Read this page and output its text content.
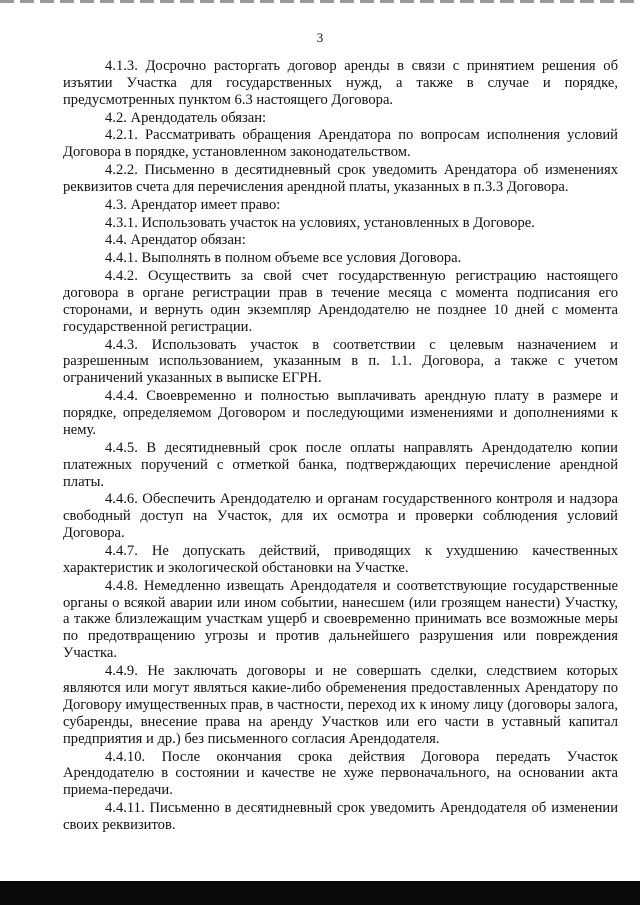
3

4.1.3. Досрочно расторгать договор аренды в связи с принятием решения об изъятии Участка для государственных нужд, а также в случае и порядке, предусмотренных пунктом 6.3 настоящего Договора.

4.2. Арендодатель обязан:

4.2.1. Рассматривать обращения Арендатора по вопросам исполнения условий Договора в порядке, установленном законодательством.

4.2.2. Письменно в десятидневный срок уведомить Арендатора об изменениях реквизитов счета для перечисления арендной платы, указанных в п.3.3 Договора.

4.3. Арендатор имеет право:

4.3.1. Использовать участок на условиях, установленных в Договоре.

4.4. Арендатор обязан:

4.4.1. Выполнять в полном объеме все условия Договора.

4.4.2. Осуществить за свой счет государственную регистрацию настоящего договора в органе регистрации прав в течение месяца с момента подписания его сторонами, и вернуть один экземпляр Арендодателю не позднее 10 дней с момента государственной регистрации.

4.4.3. Использовать участок в соответствии с целевым назначением и разрешенным использованием, указанным в п. 1.1. Договора, а также с учетом ограничений указанных в выписке ЕГРН.

4.4.4. Своевременно и полностью выплачивать арендную плату в размере и порядке, определяемом Договором и последующими изменениями и дополнениями к нему.

4.4.5. В десятидневный срок после оплаты направлять Арендодателю копии платежных поручений с отметкой банка, подтверждающих перечисление арендной платы.

4.4.6. Обеспечить Арендодателю и органам государственного контроля и надзора свободный доступ на Участок, для их осмотра и проверки соблюдения условий Договора.

4.4.7. Не допускать действий, приводящих к ухудшению качественных характеристик и экологической обстановки на Участке.

4.4.8. Немедленно извещать Арендодателя и соответствующие государственные органы о всякой аварии или ином событии, нанесшем (или грозящем нанести) Участку, а также близлежащим участкам ущерб и своевременно принимать все возможные меры по предотвращению угрозы и против дальнейшего разрушения или повреждения Участка.

4.4.9. Не заключать договоры и не совершать сделки, следствием которых являются или могут являться какие-либо обременения предоставленных Арендатору по Договору имущественных прав, в частности, переход их к иному лицу (договоры залога, субаренды, внесение права на аренду Участков или его части в уставный капитал предприятия и др.) без письменного согласия Арендодателя.

4.4.10. После окончания срока действия Договора передать Участок Арендодателю в состоянии и качестве не хуже первоначального, на основании акта приема-передачи.

4.4.11. Письменно в десятидневный срок уведомить Арендодателя об изменении своих реквизитов.
